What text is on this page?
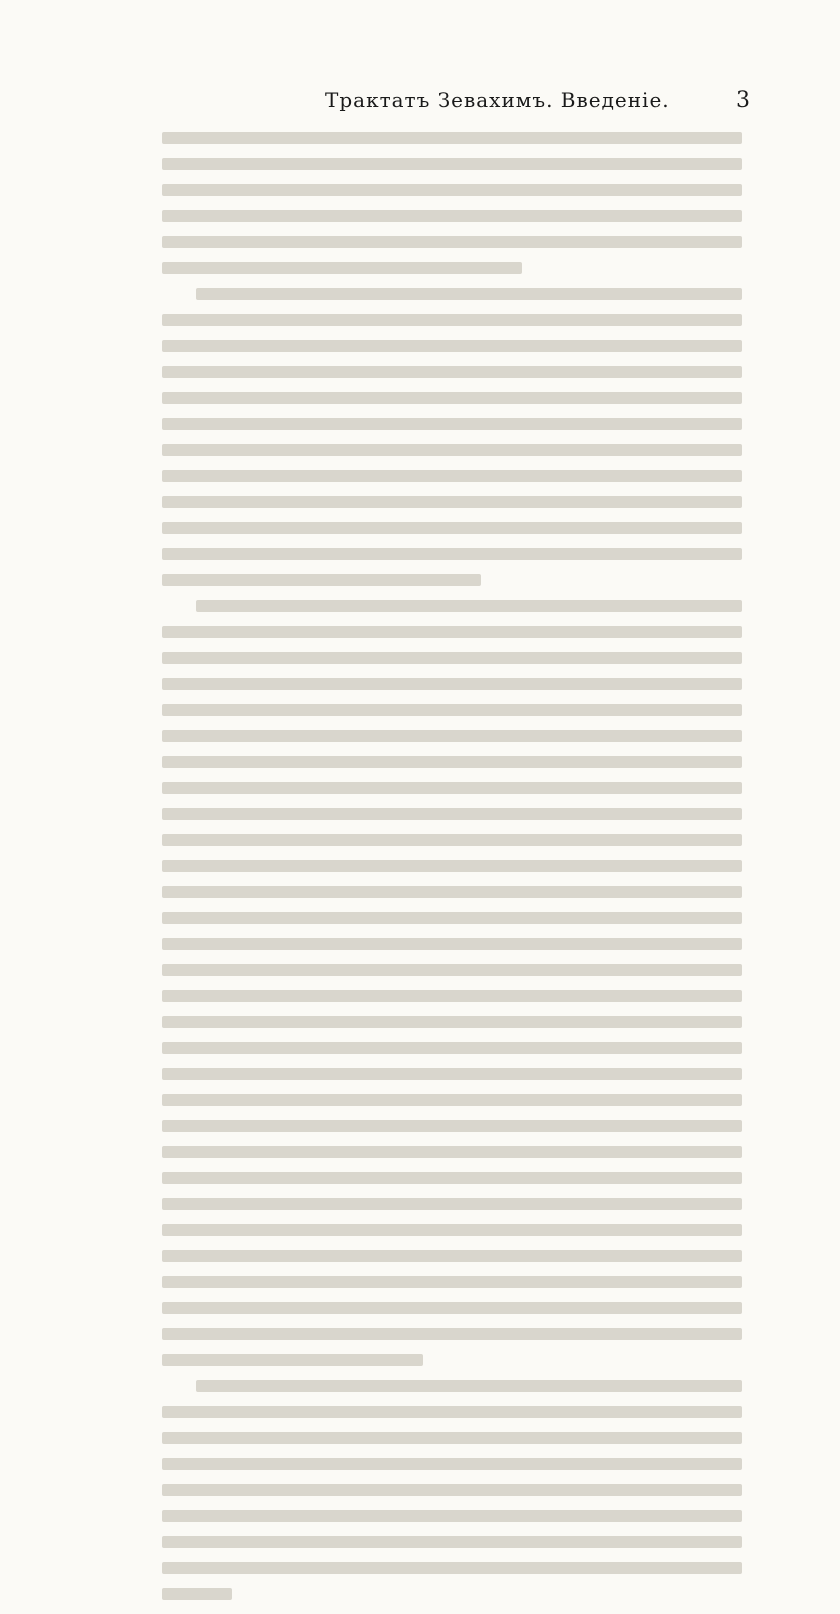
Трактатъ Зевахимъ. Введеніе.	3
